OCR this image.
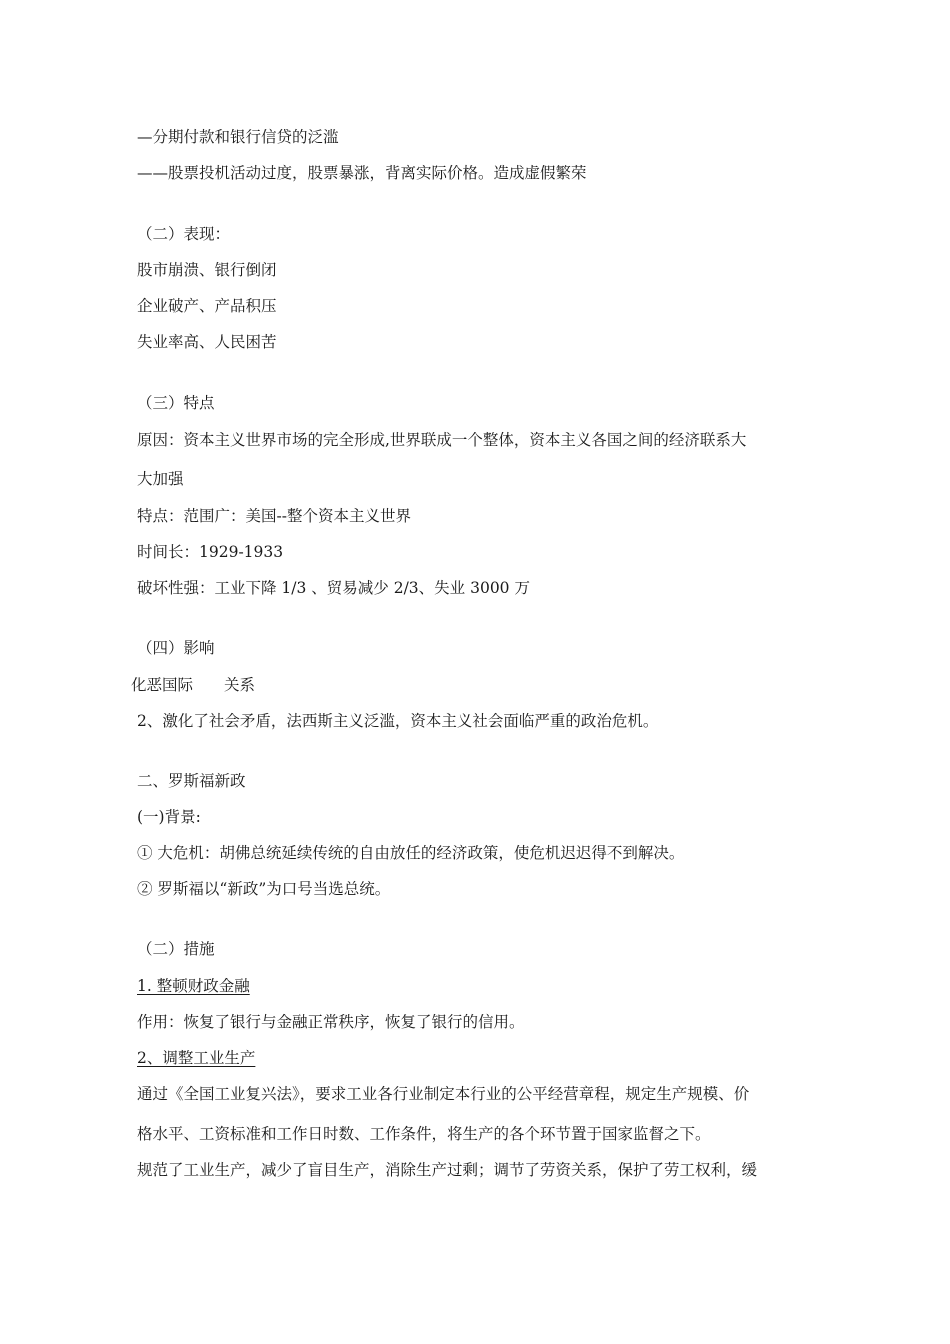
—分期付款和银行信贷的泛滥
——股票投机活动过度，股票暴涨，背离实际价格。造成虚假繁荣
（二）表现：
股市崩溃、银行倒闭
企业破产、产品积压
失业率高、人民困苦
（三）特点
原因：资本主义世界市场的完全形成,世界联成一个整体，资本主义各国之间的经济联系大
大加强
特点：范围广：美国--整个资本主义世界
时间长：1929-1933
破坏性强：工业下降 1/3 、贸易减少 2/3、失业 3000 万
（四）影响
化恶国际　　关系
2、激化了社会矛盾，法西斯主义泛滥，资本主义社会面临严重的政治危机。
二、罗斯福新政
(一)背景:
① 大危机：胡佛总统延续传统的自由放任的经济政策，使危机迟迟得不到解决。
② 罗斯福以“新政”为口号当选总统。
（二）措施
1. 整顿财政金融
作用：恢复了银行与金融正常秩序，恢复了银行的信用。
2、调整工业生产
通过《全国工业复兴法》，要求工业各行业制定本行业的公平经营章程，规定生产规模、价
格水平、工资标准和工作日时数、工作条件，将生产的各个环节置于国家监督之下。
规范了工业生产，减少了盲目生产，消除生产过剩；调节了劳资关系，保护了劳工权利，缓
